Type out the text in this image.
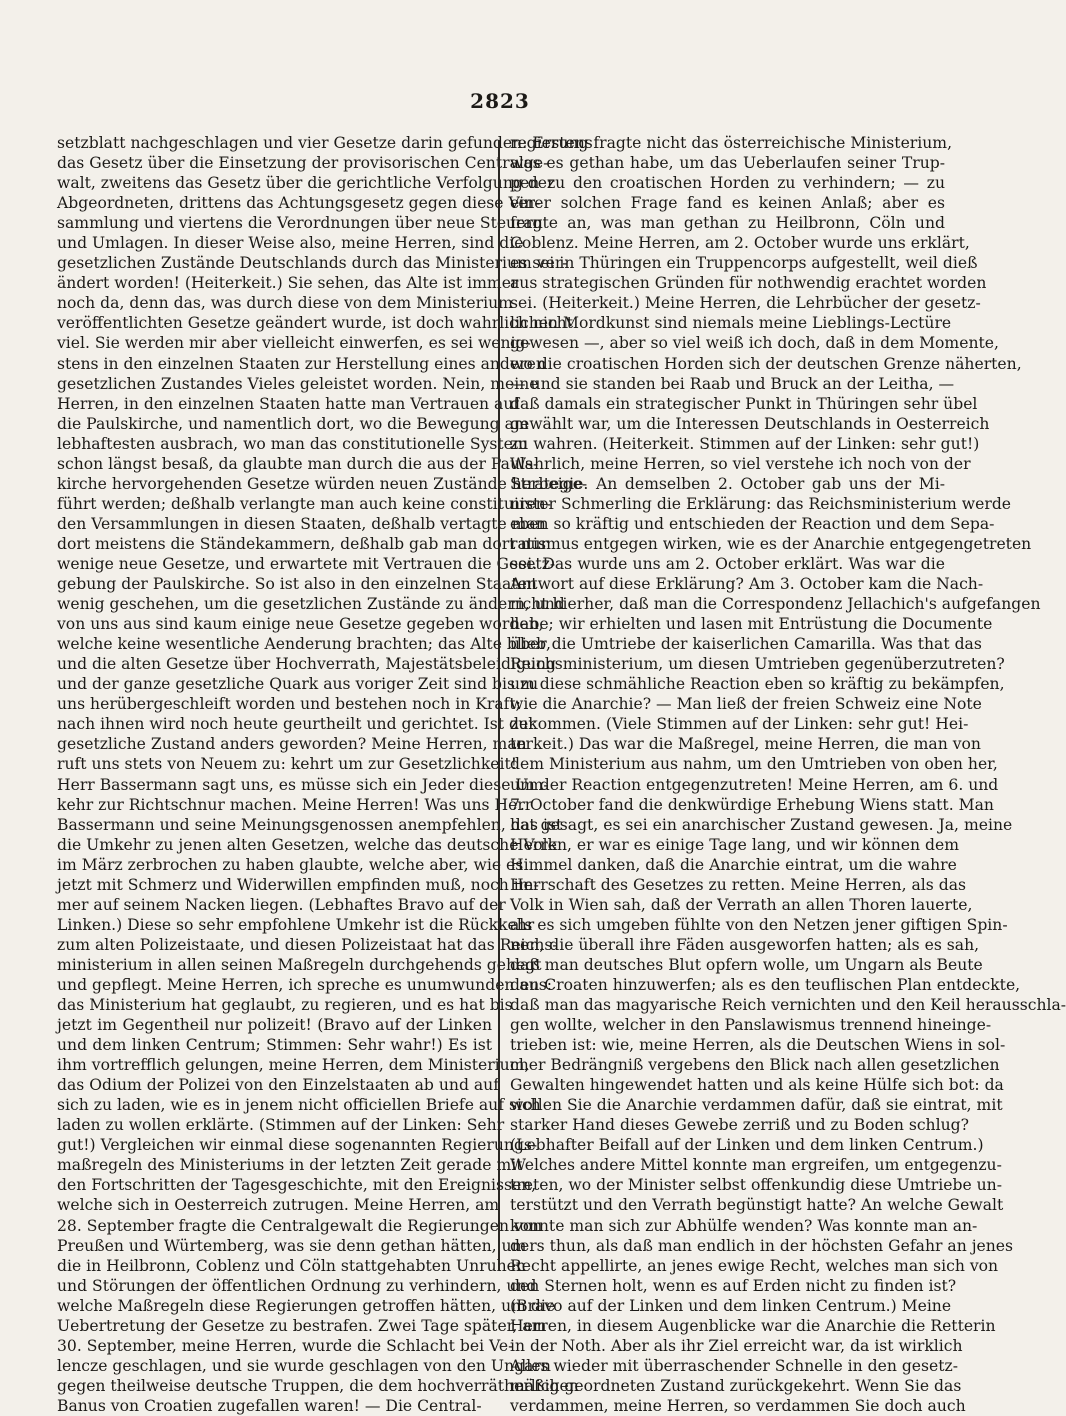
2823
setzblatt nachgeschlagen und vier Gesetze darin gefunden: Erstens
das Gesetz über die Einsetzung der provisorischen Centralge-
walt, zweitens das Gesetz über die gerichtliche Verfolgung der
Abgeordneten, drittens das Achtungsgesetz gegen diese Ver-
sammlung und viertens die Verordnungen über neue Steuern
und Umlagen. In dieser Weise also, meine Herren, sind die
gesetzlichen Zustände Deutschlands durch das Ministerium ver-
ändert worden! (Heiterkeit.) Sie sehen, das Alte ist immer
noch da, denn das, was durch diese von dem Ministerium
veröffentlichten Gesetze geändert wurde, ist doch wahrlich nicht
viel. Sie werden mir aber vielleicht einwerfen, es sei wenig-
stens in den einzelnen Staaten zur Herstellung eines anderen
gesetzlichen Zustandes Vieles geleistet worden. Nein, meine
Herren, in den einzelnen Staaten hatte man Vertrauen auf
die Paulskirche, und namentlich dort, wo die Bewegung am
lebhaftesten ausbrach, wo man das constitutionelle System
schon längst besaß, da glaubte man durch die aus der Pauls-
kirche hervorgehenden Gesetze würden neuen Zustände herbeige-
führt werden; deßhalb verlangte man auch keine constituiren-
den Versammlungen in diesen Staaten, deßhalb vertagte man
dort meistens die Ständekammern, deßhalb gab man dort nur
wenige neue Gesetze, und erwartete mit Vertrauen die Gesetz-
gebung der Paulskirche. So ist also in den einzelnen Staaten
wenig geschehen, um die gesetzlichen Zustände zu ändern, und
von uns aus sind kaum einige neue Gesetze gegeben worden,
welche keine wesentliche Aenderung brachten; das Alte blieb,
und die alten Gesetze über Hochverrath, Majestätsbeleidigung
und der ganze gesetzliche Quark aus voriger Zeit sind bis zu
uns herübergeschleift worden und bestehen noch in Kraft;
nach ihnen wird noch heute geurtheilt und gerichtet. Ist der
gesetzliche Zustand anders geworden? Meine Herren, man
ruft uns stets von Neuem zu: kehrt um zur Gesetzlichkeit!
Herr Bassermann sagt uns, es müsse sich ein Jeder diese Um-
kehr zur Richtschnur machen. Meine Herren! Was uns Herr
Bassermann und seine Meinungsgenossen anempfehlen, das ist
die Umkehr zu jenen alten Gesetzen, welche das deutsche Volk
im März zerbrochen zu haben glaubte, welche aber, wie es
jetzt mit Schmerz und Widerwillen empfinden muß, noch im-
mer auf seinem Nacken liegen. (Lebhaftes Bravo auf der
Linken.) Diese so sehr empfohlene Umkehr ist die Rückkehr
zum alten Polizeistaate, und diesen Polizeistaat hat das Reichs-
ministerium in allen seinen Maßregeln durchgehends gehegt
und gepflegt. Meine Herren, ich spreche es unumwunden aus:
das Ministerium hat geglaubt, zu regieren, und es hat bis
jetzt im Gegentheil nur polizeit! (Bravo auf der Linken
und dem linken Centrum; Stimmen: Sehr wahr!) Es ist
ihm vortrefflich gelungen, meine Herren, dem Ministerium,
das Odium der Polizei von den Einzelstaaten ab und auf
sich zu laden, wie es in jenem nicht officiellen Briefe auf sich
laden zu wollen erklärte. (Stimmen auf der Linken: Sehr
gut!) Vergleichen wir einmal diese sogenannten Regierungs-
maßregeln des Ministeriums in der letzten Zeit gerade mit
den Fortschritten der Tagesgeschichte, mit den Ereignissen,
welche sich in Oesterreich zutrugen. Meine Herren, am
28. September fragte die Centralgewalt die Regierungen von
Preußen und Würtemberg, was sie denn gethan hätten, um
die in Heilbronn, Coblenz und Cöln stattgehabten Unruhen
und Störungen der öffentlichen Ordnung zu verhindern, und
welche Maßregeln diese Regierungen getroffen hätten, um die
Uebertretung der Gesetze zu bestrafen. Zwei Tage später, am
30. September, meine Herren, wurde die Schlacht bei Ve-
lencze geschlagen, und sie wurde geschlagen von den Ungarn
gegen theilweise deutsche Truppen, die dem hochverrätherlichen
Banus von Croatien zugefallen waren! — Die Central-
regierung fragte nicht das österreichische Ministerium,
was es gethan habe, um das Ueberlaufen seiner Trup-
pen zu den croatischen Horden zu verhindern; — zu
einer solchen Frage fand es keinen Anlaß; aber es
fragte an, was man gethan zu Heilbronn, Cöln und
Coblenz. Meine Herren, am 2. October wurde uns erklärt,
es sei in Thüringen ein Truppencorps aufgestellt, weil dieß
aus strategischen Gründen für nothwendig erachtet worden
sei. (Heiterkeit.) Meine Herren, die Lehrbücher der gesetz-
lichen Mordkunst sind niemals meine Lieblings-Lectüre
gewesen —, aber so viel weiß ich doch, daß in dem Momente,
wo die croatischen Horden sich der deutschen Grenze näherten,
— und sie standen bei Raab und Bruck an der Leitha, —
daß damals ein strategischer Punkt in Thüringen sehr übel
gewählt war, um die Interessen Deutschlands in Oesterreich
zu wahren. (Heiterkeit. Stimmen auf der Linken: sehr gut!)
Wahrlich, meine Herren, so viel verstehe ich noch von der
Strategie. An demselben 2. October gab uns der Mi-
nister Schmerling die Erklärung: das Reichsministerium werde
eben so kräftig und entschieden der Reaction und dem Sepa-
ratismus entgegen wirken, wie es der Anarchie entgegengetreten
sei. Das wurde uns am 2. October erklärt. Was war die
Antwort auf diese Erklärung? Am 3. October kam die Nach-
richt hierher, daß man die Correspondenz Jellachich's aufgefangen
habe; wir erhielten und lasen mit Entrüstung die Documente
über die Umtriebe der kaiserlichen Camarilla. Was that das
Reichsministerium, um diesen Umtrieben gegenüberzutreten?
um diese schmähliche Reaction eben so kräftig zu bekämpfen,
wie die Anarchie? — Man ließ der freien Schweiz eine Note
zukommen. (Viele Stimmen auf der Linken: sehr gut! Hei-
terkeit.) Das war die Maßregel, meine Herren, die man von
dem Ministerium aus nahm, um den Umtrieben von oben her,
um der Reaction entgegenzutreten! Meine Herren, am 6. und
7. October fand die denkwürdige Erhebung Wiens statt. Man
hat gesagt, es sei ein anarchischer Zustand gewesen. Ja, meine
Herren, er war es einige Tage lang, und wir können dem
Himmel danken, daß die Anarchie eintrat, um die wahre
Herrschaft des Gesetzes zu retten. Meine Herren, als das
Volk in Wien sah, daß der Verrath an allen Thoren lauerte,
als es sich umgeben fühlte von den Netzen jener giftigen Spin-
nen, die überall ihre Fäden ausgeworfen hatten; als es sah,
daß man deutsches Blut opfern wolle, um Ungarn als Beute
den Croaten hinzuwerfen; als es den teuflischen Plan entdeckte,
daß man das magyarische Reich vernichten und den Keil herausschla-
gen wollte, welcher in den Panslawismus trennend hineinge-
trieben ist: wie, meine Herren, als die Deutschen Wiens in sol-
cher Bedrängniß vergebens den Blick nach allen gesetzlichen
Gewalten hingewendet hatten und als keine Hülfe sich bot: da
wollen Sie die Anarchie verdammen dafür, daß sie eintrat, mit
starker Hand dieses Gewebe zerriß und zu Boden schlug?
(Lebhafter Beifall auf der Linken und dem linken Centrum.)
Welches andere Mittel konnte man ergreifen, um entgegenzu-
treten, wo der Minister selbst offenkundig diese Umtriebe un-
terstützt und den Verrath begünstigt hatte? An welche Gewalt
konnte man sich zur Abhülfe wenden? Was konnte man an-
ders thun, als daß man endlich in der höchsten Gefahr an jenes
Recht appellirte, an jenes ewige Recht, welches man sich von
den Sternen holt, wenn es auf Erden nicht zu finden ist?
(Bravo auf der Linken und dem linken Centrum.) Meine
Herren, in diesem Augenblicke war die Anarchie die Retterin
in der Noth. Aber als ihr Ziel erreicht war, da ist wirklich
Alles wieder mit überraschender Schnelle in den gesetz-
mäßig geordneten Zustand zurückgekehrt. Wenn Sie das
verdammen, meine Herren, so verdammen Sie doch auch
